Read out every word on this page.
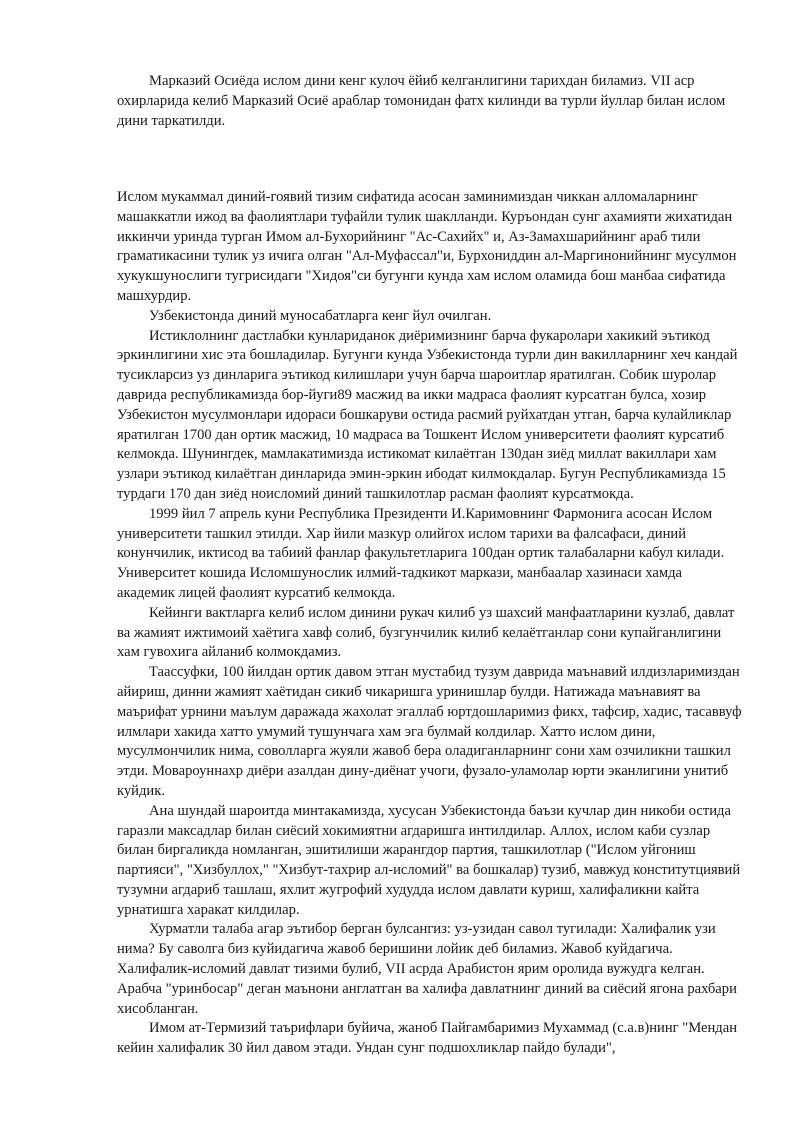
Марказий Осиёда ислом дини кенг кулоч ёйиб келганлигини тарихдан биламиз. VII аср охирларида келиб Марказий Осиё араблар томонидан фатх килинди ва турли йуллар билан ислом дини таркатилди.

Ислом мукаммал диний-гоявий тизим сифатида асосан заминимиздан чиккан алломаларнинг машаккатли ижод ва фаолиятлари туфайли тулик шаклланди. Куръондан сунг ахамияти жихатидан иккинчи уринда турган Имом ал-Бухорийнинг "Ас-Сахийх" и, Аз-Замахшарийнинг араб тили граматикасини тулик уз ичига олган "Ал-Муфассал"и, Бурхониддин ал-Маргинонийнинг мусулмон хукукшунослиги тугрисидаги "Хидоя"си бугунги кунда хам ислом оламида бош манбаа сифатида машхурдир.

Узбекистонда диний муносабатларга кенг йул очилган.

Истиклолнинг дастлабки кунлариданок диёримизнинг барча фукаролари хакикий эътикод эркинлигини хис эта бошладилар. Бугунги кунда Узбекистонда турли дин вакилларнинг хеч кандай тусикларсиз уз динларига эътикод килишлари учун барча шароитлар яратилган. Собик шуролар даврида республикамизда бор-йуги89 масжид ва икки мадраса фаолият курсатган булса, хозир Узбекистон мусулмонлари идораси бошкаруви остида расмий руйхатдан утган, барча кулайликлар яратилган 1700 дан ортик масжид, 10 мадраса ва Тошкент Ислом университети фаолият курсатиб келмокда. Шунингдек, мамлакатимизда истикомат килаётган 130дан зиёд миллат вакиллари хам узлари эътикод килаётган динларида эмин-эркин ибодат килмокдалар. Бугун Республикамизда 15 турдаги 170 дан зиёд ноисломий диний ташкилотлар расман фаолият курсатмокда.

1999 йил 7 апрель куни Республика Президенти И.Каримовнинг Фармонига асосан Ислом университети ташкил этилди. Хар йили мазкур олийгох ислом тарихи ва фалсафаси, диний конунчилик, иктисод ва табиий фанлар факультетларига 100дан ортик талабаларни кабул килади. Университет кошида Исломшунослик илмий-тадкикот маркази, манбаалар хазинаси хамда академик лицей фаолият курсатиб келмокда.

Кейинги вактларга келиб ислом динини рукач килиб уз шахсий манфаатларини кузлаб, давлат ва жамият ижтимоий хаётига хавф солиб, бузгунчилик килиб келаётганлар сони купайганлигини хам гувохига айланиб колмокдамиз.

Таассуфки, 100 йилдан ортик давом этган мустабид тузум даврида маънавий илдизларимиздан айириш, динни жамият хаётидан сикиб чикаришга уринишлар булди. Натижада маънавият ва маърифат урнини маълум даражада жахолат эгаллаб юртдошларимиз фикх, тафсир, хадис, тасаввуф илмлари хакида хатто умумий тушунчага хам эга булмай колдилар. Хатто ислом дини, мусулмончилик нима, соволларга жуяли жавоб бера оладиганларнинг сони хам озчиликни ташкил этди. Мовароуннахр диёри азалдан дину-диёнат учоги, фузало-уламолар юрти эканлигини унитиб куйдик.

Ана шундай шароитда минтакамизда, хусусан Узбекистонда баъзи кучлар дин никоби остида гаразли максадлар билан сиёсий хокимиятни агдаришга интилдилар. Аллох, ислом каби сузлар билан биргаликда номланган, эшитилиши жарангдор партия, ташкилотлар ("Ислом уйгониш партияси", "Хизбуллох," "Хизбут-тахрир ал-исломий" ва бошкалар) тузиб, мавжуд конститутциявий тузумни агдариб ташлаш, яхлит жугрофий худудда ислом давлати куриш, халифаликни кайта урнатишга харакат килдилар.

Хурматли талаба агар эътибор берган булсангиз: уз-узидан савол тугилади: Халифалик узи нима? Бу саволга биз куйидагича жавоб беришини лойик деб биламиз. Жавоб куйдагича. Халифалик-исломий давлат тизими булиб, VII асрда Арабистон ярим оролида вужудга келган. Арабча "уринбосар" деган маънони англатган ва халифа давлатнинг диний ва сиёсий ягона рахбари хисобланган.

Имом ат-Термизий таърифлари буйича, жаноб Пайгамбаримиз Мухаммад (с.а.в)нинг "Мендан кейин халифалик 30 йил давом этади. Ундан сунг подшохликлар пайдо булади",
